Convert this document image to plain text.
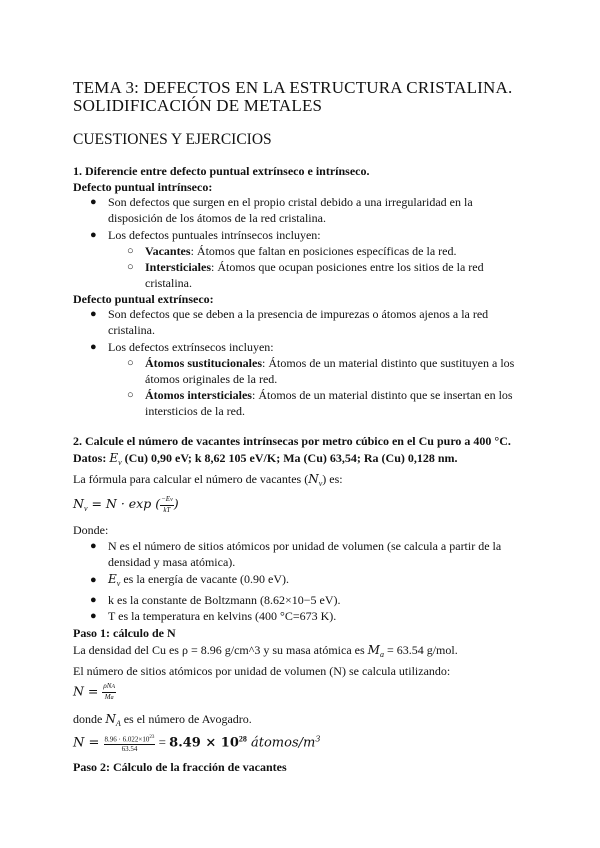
TEMA 3: DEFECTOS EN LA ESTRUCTURA CRISTALINA.
SOLIDIFICACIÓN DE METALES
CUESTIONES Y EJERCICIOS
1. Diferencie entre defecto puntual extrínseco e intrínseco.
Defecto puntual intrínseco:
● Son defectos que surgen en el propio cristal debido a una irregularidad en la
disposición de los átomos de la red cristalina.
● Los defectos puntuales intrínsecos incluyen:
○ Vacantes: Átomos que faltan en posiciones específicas de la red.
○ Intersticiales: Átomos que ocupan posiciones entre los sitios de la red
cristalina.
Defecto puntual extrínseco:
● Son defectos que se deben a la presencia de impurezas o átomos ajenos a la red
cristalina.
● Los defectos extrínsecos incluyen:
○ Átomos sustitucionales: Átomos de un material distinto que sustituyen a los
átomos originales de la red.
○ Átomos intersticiales: Átomos de un material distinto que se insertan en los
intersticios de la red.
2. Calcule el número de vacantes intrínsecas por metro cúbico en el Cu puro a 400 °C.
Datos: $E_v$ (Cu) 0,90 eV; k 8,62 105 eV/K; Ma (Cu) 63,54; Ra (Cu) 0,128 nm.
La fórmula para calcular el número de vacantes $(N_v)$ es:
$N_v = N \cdot \exp$ ( $\frac{-Ev}{kT}$ )
Donde:
● N es el número de sitios atómicos por unidad de volumen (se calcula a partir de la
densidad y masa atómica).
● $E_v$ es la energía de vacante (0.90 eV).
● k es la constante de Boltzmann (8.62×10−5 eV).
● T es la temperatura en kelvins (400 °C=673 K).
Paso 1: cálculo de N
La densidad del Cu es ρ = 8.96 g/cm^3 y su masa atómica es $M_a = 63.54$ g/mol.
El número de sitios atómicos por unidad de volumen (N) se calcula utilizando:
$N = \frac{\text{ρNA}}{Ma}$
donde $N_A$ es el número de Avogadro.
$N = \frac{8.96 \cdot 6.022\times 10^{23}}{63.54} = 8.49 \times 10^{28}$ átomos/$m^3$
Paso 2: Cálculo de la fracción de vacantes
